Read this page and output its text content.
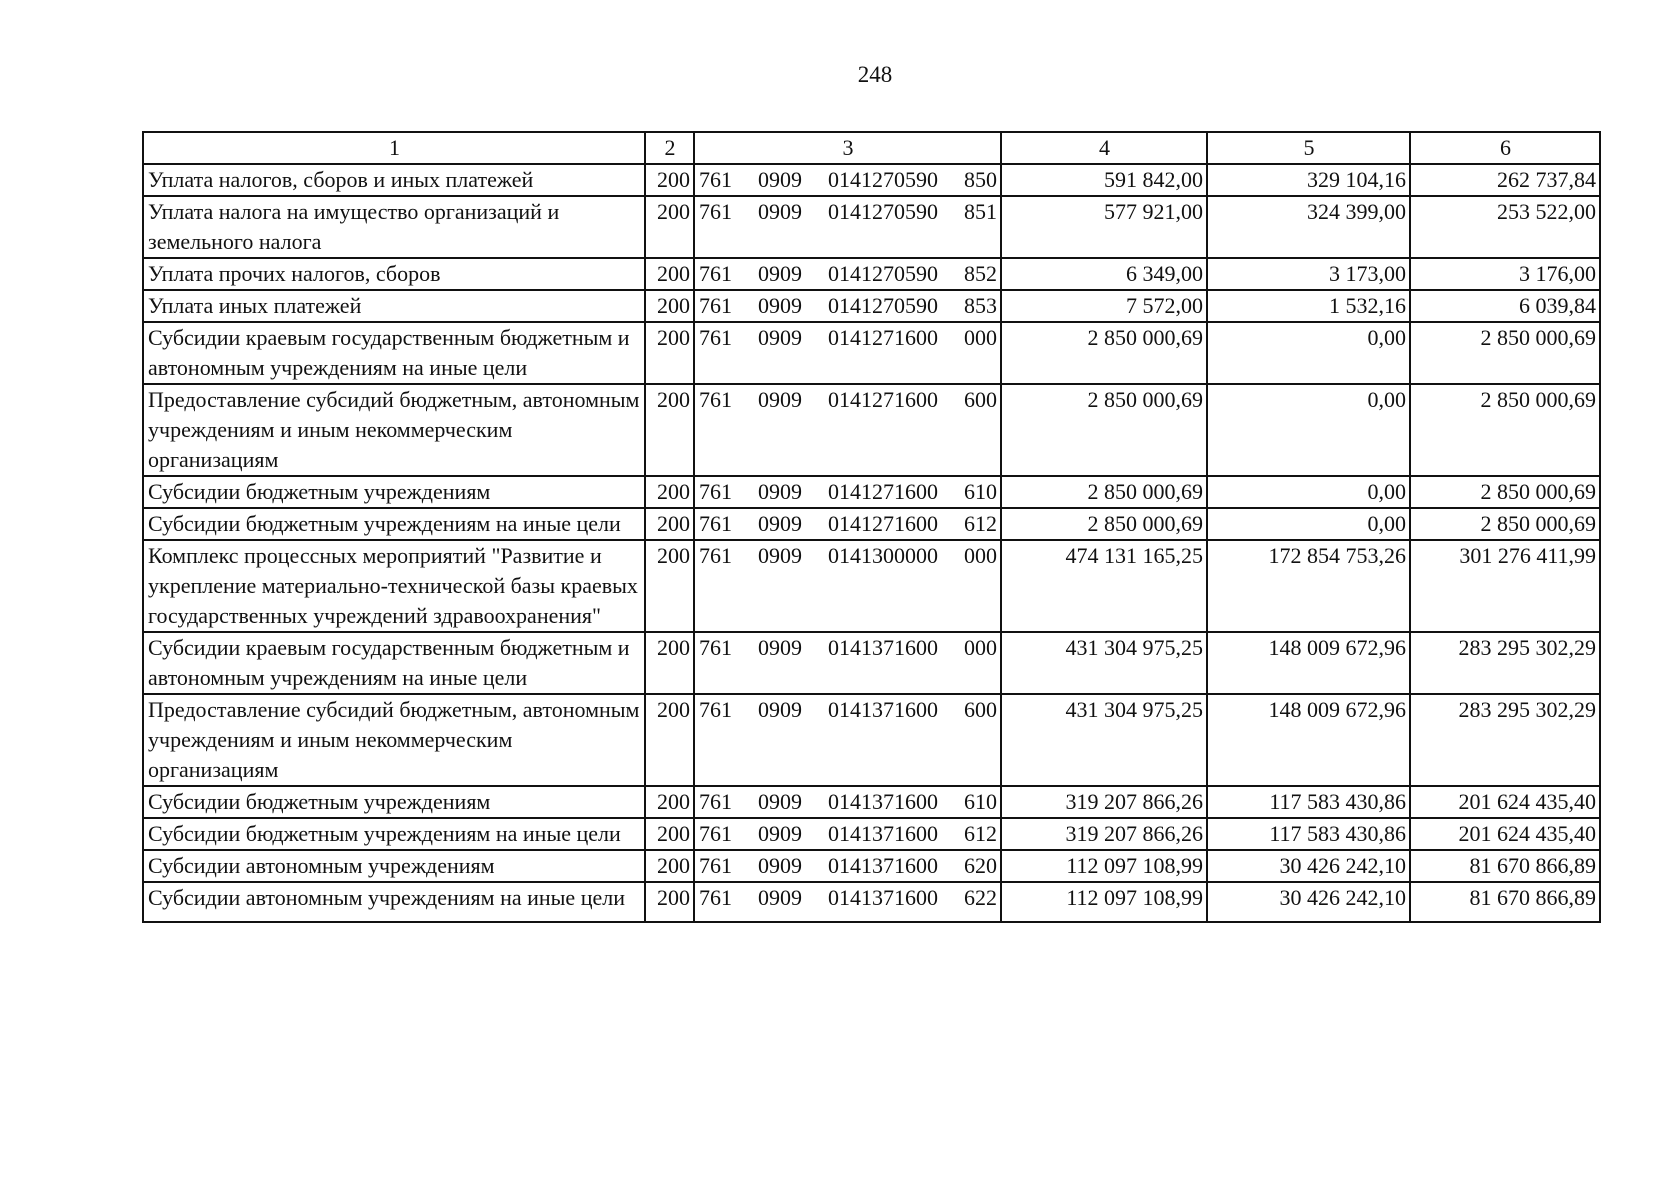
248
1	2	3	4	5	6
Уплата налогов, сборов и иных платежей	200	761 0909 0141270590 850	591 842,00	329 104,16	262 737,84
Уплата налога на имущество организаций и земельного налога	200	761 0909 0141270590 851	577 921,00	324 399,00	253 522,00
Уплата прочих налогов, сборов	200	761 0909 0141270590 852	6 349,00	3 173,00	3 176,00
Уплата иных платежей	200	761 0909 0141270590 853	7 572,00	1 532,16	6 039,84
Субсидии краевым государственным бюджетным и автономным учреждениям на иные цели	200	761 0909 0141271600 000	2 850 000,69	0,00	2 850 000,69
Предоставление субсидий бюджетным, автономным учреждениям и иным некоммерческим организациям	200	761 0909 0141271600 600	2 850 000,69	0,00	2 850 000,69
Субсидии бюджетным учреждениям	200	761 0909 0141271600 610	2 850 000,69	0,00	2 850 000,69
Субсидии бюджетным учреждениям на иные цели	200	761 0909 0141271600 612	2 850 000,69	0,00	2 850 000,69
Комплекс процессных мероприятий "Развитие и укрепление материально-технической базы краевых государственных учреждений здравоохранения"	200	761 0909 0141300000 000	474 131 165,25	172 854 753,26	301 276 411,99
Субсидии краевым государственным бюджетным и автономным учреждениям на иные цели	200	761 0909 0141371600 000	431 304 975,25	148 009 672,96	283 295 302,29
Предоставление субсидий бюджетным, автономным учреждениям и иным некоммерческим организациям	200	761 0909 0141371600 600	431 304 975,25	148 009 672,96	283 295 302,29
Субсидии бюджетным учреждениям	200	761 0909 0141371600 610	319 207 866,26	117 583 430,86	201 624 435,40
Субсидии бюджетным учреждениям на иные цели	200	761 0909 0141371600 612	319 207 866,26	117 583 430,86	201 624 435,40
Субсидии автономным учреждениям	200	761 0909 0141371600 620	112 097 108,99	30 426 242,10	81 670 866,89
Субсидии автономным учреждениям на иные цели	200	761 0909 0141371600 622	112 097 108,99	30 426 242,10	81 670 866,89
